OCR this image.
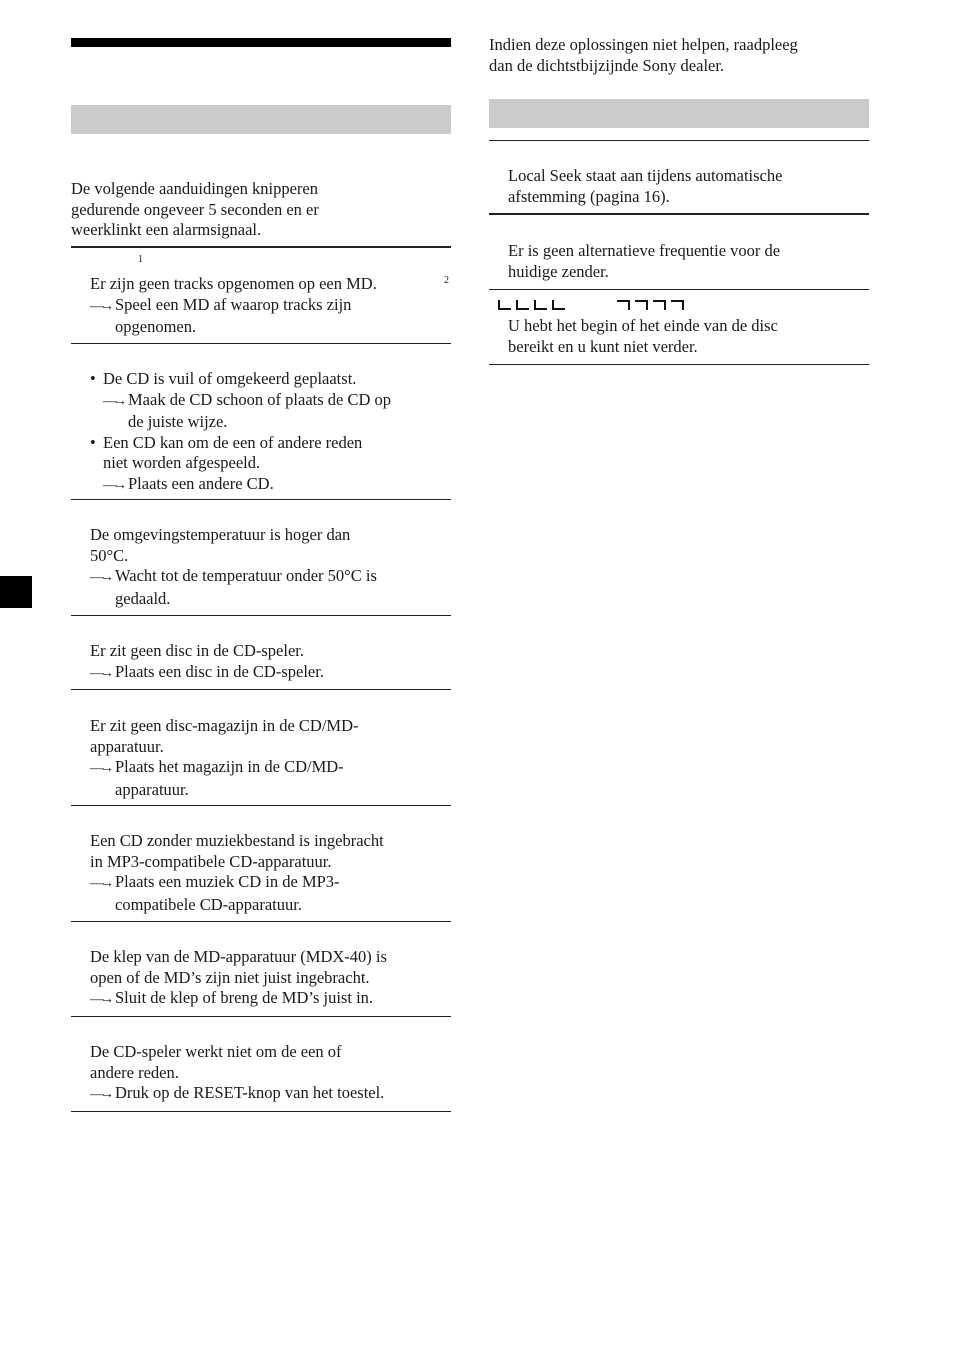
De volgende aanduidingen knipperen
gedurende ongeveer 5 seconden en er
weerklinkt een alarmsignaal.
1
2
Er zijn geen tracks opgenomen op een MD.
—→Speel een MD af waarop tracks zijn
opgenomen.
• De CD is vuil of omgekeerd geplaatst.
—→Maak de CD schoon of plaats de CD op
de juiste wijze.
• Een CD kan om de een of andere reden
niet worden afgespeeld.
—→Plaats een andere CD.
De omgevingstemperatuur is hoger dan
50°C.
—→Wacht tot de temperatuur onder 50°C is
gedaald.
Er zit geen disc in de CD-speler.
—→Plaats een disc in de CD-speler.
Er zit geen disc-magazijn in de CD/MD-
apparatuur.
—→Plaats het magazijn in de CD/MD-
apparatuur.
Een CD zonder muziekbestand is ingebracht
in MP3-compatibele CD-apparatuur.
—→Plaats een muziek CD in de MP3-
compatibele CD-apparatuur.
De klep van de MD-apparatuur (MDX-40) is
open of de MD’s zijn niet juist ingebracht.
—→Sluit de klep of breng de MD’s juist in.
De CD-speler werkt niet om de een of
andere reden.
—→Druk op de RESET-knop van het toestel.
Indien deze oplossingen niet helpen, raadpleeg
dan de dichtstbijzijnde Sony dealer.
Local Seek staat aan tijdens automatische
afstemming (pagina 16).
Er is geen alternatieve frequentie voor de
huidige zender.
U hebt het begin of het einde van de disc
bereikt en u kunt niet verder.
